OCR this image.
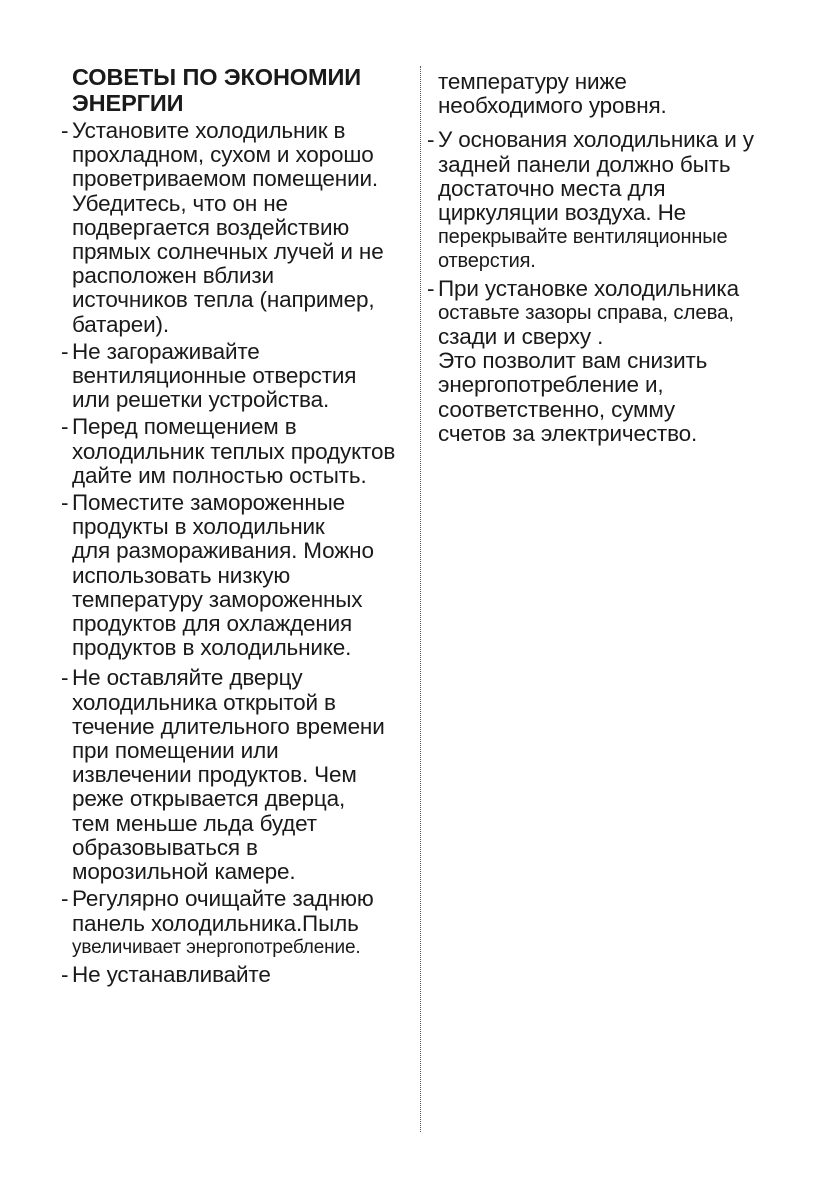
СОВЕТЫ ПО ЭКОНОМИИ
ЭНЕРГИИ
- Установите холодильник в
прохладном, сухом и хорошо
проветриваемом помещении.
Убедитесь, что он не
подвергается воздействию
прямых солнечных лучей и не
расположен вблизи
источников тепла (например,
батареи).
- Не загораживайте
вентиляционные отверстия
или решетки устройства.
- Перед помещением в
холодильник теплых продуктов
дайте им полностью остыть.
- Поместите замороженные
продукты в холодильник
для размораживания. Можно
использовать низкую
температуру замороженных
продуктов для охлаждения
продуктов в холодильнике.
- Не оставляйте дверцу
холодильника открытой в
течение длительного времени
при помещении или
извлечении продуктов. Чем
реже открывается дверца,
тем меньше льда будет
образовываться в
морозильной камере.
- Регулярно очищайте заднюю
панель холодильника.Пыль
увеличивает энергопотребление.
- Не устанавливайте
температуру ниже
необходимого уровня.
- У основания холодильника и у
задней панели должно быть
достаточно места для
циркуляции воздуха. Не
перекрывайте вентиляционные
отверстия.
- При установке холодильника
оставьте зазоры справа, слева,
сзади и сверху .
Это позволит вам снизить
энергопотребление и,
соответственно, сумму
счетов за электричество.
